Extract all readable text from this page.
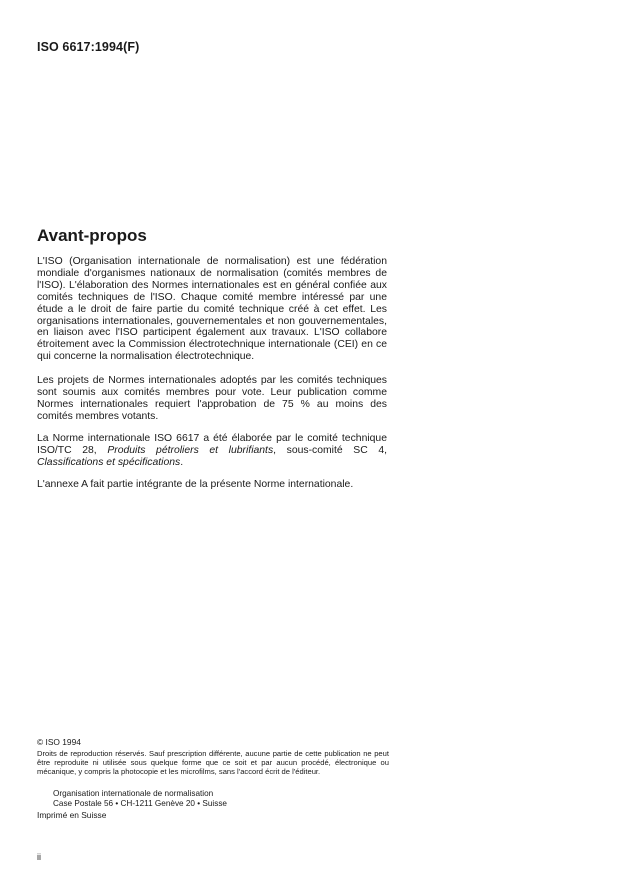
ISO 6617:1994(F)
Avant-propos

L'ISO (Organisation internationale de normalisation) est une fédération mondiale d'organismes nationaux de normalisation (comités membres de l'ISO). L'élaboration des Normes internationales est en général confiée aux comités techniques de l'ISO. Chaque comité membre intéressé par une étude a le droit de faire partie du comité technique créé à cet effet. Les organisations internationales, gouvernementales et non gouvernementales, en liaison avec l'ISO participent également aux travaux. L'ISO collabore étroitement avec la Commission électrotechnique internationale (CEI) en ce qui concerne la normalisation électrotechnique.

Les projets de Normes internationales adoptés par les comités techniques sont soumis aux comités membres pour vote. Leur publication comme Normes internationales requiert l'approbation de 75 % au moins des comités membres votants.

La Norme internationale ISO 6617 a été élaborée par le comité technique ISO/TC 28, Produits pétroliers et lubrifiants, sous-comité SC 4, Classifications et spécifications.

L'annexe A fait partie intégrante de la présente Norme internationale.

© ISO 1994

Droits de reproduction réservés. Sauf prescription différente, aucune partie de cette publication ne peut être reproduite ni utilisée sous quelque forme que ce soit et par aucun procédé, électronique ou mécanique, y compris la photocopie et les microfilms, sans l'accord écrit de l'éditeur.

Organisation internationale de normalisation
Case Postale 56 • CH-1211 Genève 20 • Suisse
Imprimé en Suisse
ii
